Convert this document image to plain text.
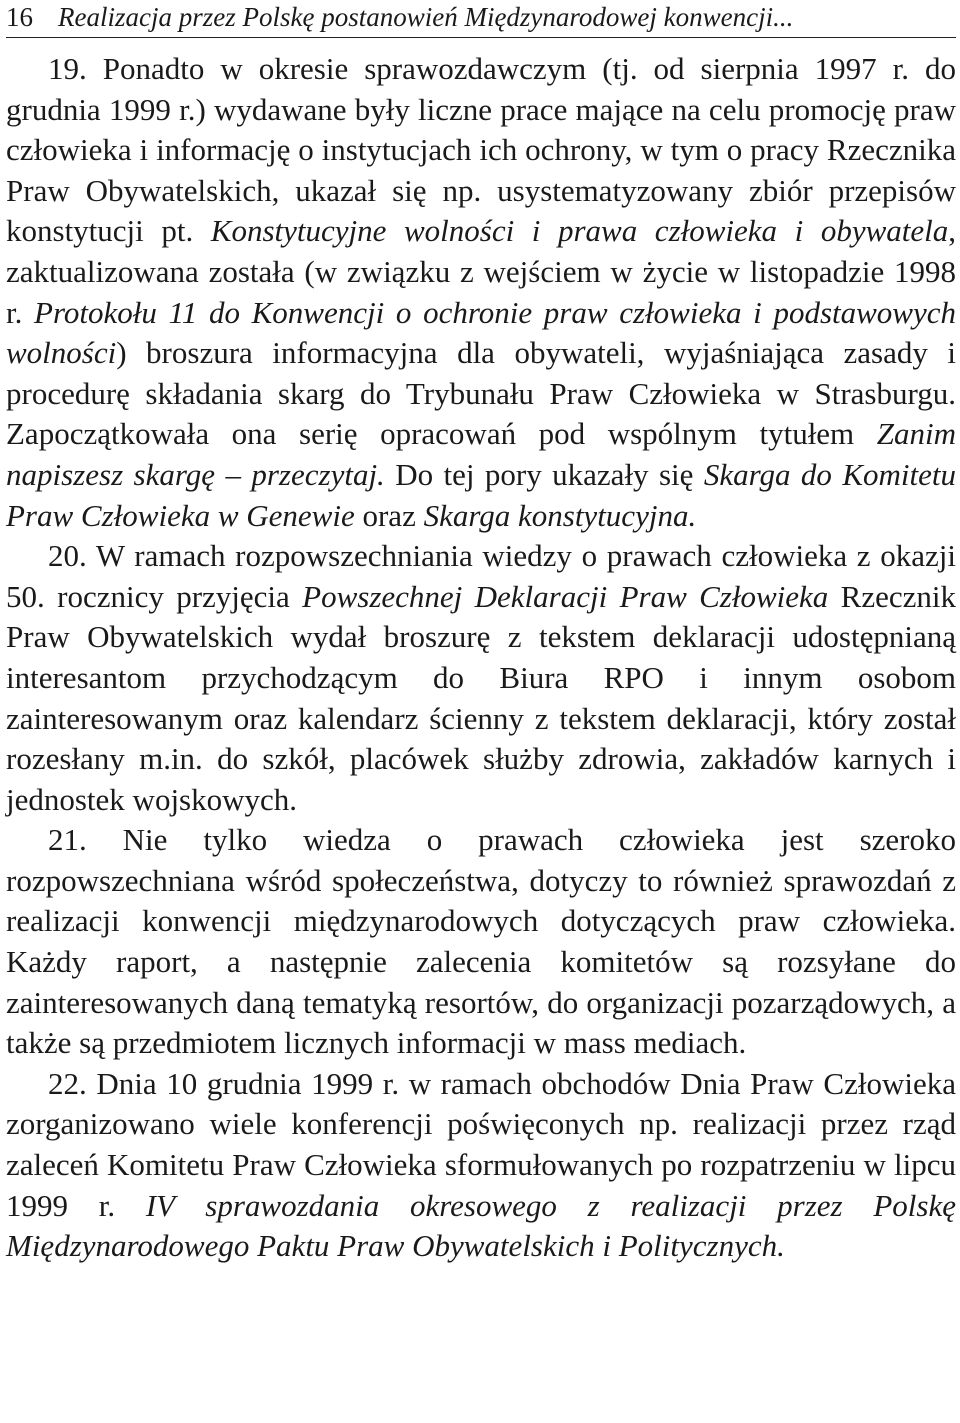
16 Realizacja przez Polskę postanowień Międzynarodowej konwencji...

19. Ponadto w okresie sprawozdawczym (tj. od sierpnia 1997 r. do grudnia 1999 r.) wydawane były liczne prace mające na celu promocję praw człowieka i informację o instytucjach ich ochrony, w tym o pracy Rzecznika Praw Obywatelskich, ukazał się np. usystematyzowany zbiór przepisów konstytucji pt. Konstytucyjne wolności i prawa człowieka i obywatela, zaktualizowana została (w związku z wejściem w życie w listopadzie 1998 r. Protokołu 11 do Konwencji o ochronie praw człowieka i podstawowych wolności) broszura informacyjna dla obywateli, wyjaśniająca zasady i procedurę składania skarg do Trybunału Praw Człowieka w Strasburgu. Zapoczątkowała ona serię opracowań pod wspólnym tytułem Zanim napiszesz skargę – przeczytaj. Do tej pory ukazały się Skarga do Komitetu Praw Człowieka w Genewie oraz Skarga konstytucyjna.

20. W ramach rozpowszechniania wiedzy o prawach człowieka z okazji 50. rocznicy przyjęcia Powszechnej Deklaracji Praw Człowieka Rzecznik Praw Obywatelskich wydał broszurę z tekstem deklaracji udostępnianą interesantom przychodzącym do Biura RPO i innym osobom zainteresowanym oraz kalendarz ścienny z tekstem deklaracji, który został rozesłany m.in. do szkół, placówek służby zdrowia, zakładów karnych i jednostek wojskowych.

21. Nie tylko wiedza o prawach człowieka jest szeroko rozpowszechniana wśród społeczeństwa, dotyczy to również sprawozdań z realizacji konwencji międzynarodowych dotyczących praw człowieka. Każdy raport, a następnie zalecenia komitetów są rozsyłane do zainteresowanych daną tematyką resortów, do organizacji pozarządowych, a także są przedmiotem licznych informacji w mass mediach.

22. Dnia 10 grudnia 1999 r. w ramach obchodów Dnia Praw Człowieka zorganizowano wiele konferencji poświęconych np. realizacji przez rząd zaleceń Komitetu Praw Człowieka sformułowanych po rozpatrzeniu w lipcu 1999 r. IV sprawozdania okresowego z realizacji przez Polskę Międzynarodowego Paktu Praw Obywatelskich i Politycznych.
